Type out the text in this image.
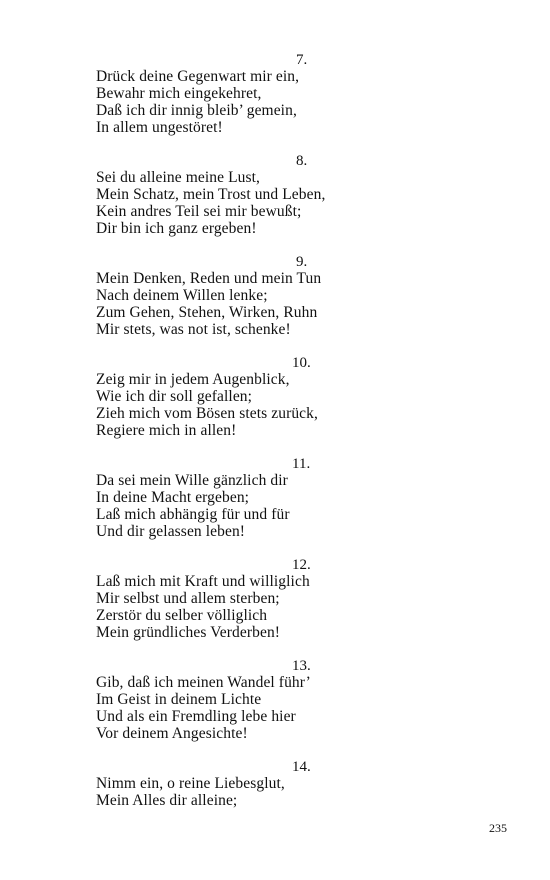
7.
Drück deine Gegenwart mir ein,
Bewahr mich eingekehret,
Daß ich dir innig bleib’ gemein,
In allem ungestöret!
8.
Sei du alleine meine Lust,
Mein Schatz, mein Trost und Leben,
Kein andres Teil sei mir bewußt;
Dir bin ich ganz ergeben!
9.
Mein Denken, Reden und mein Tun
Nach deinem Willen lenke;
Zum Gehen, Stehen, Wirken, Ruhn
Mir stets, was not ist, schenke!
10.
Zeig mir in jedem Augenblick,
Wie ich dir soll gefallen;
Zieh mich vom Bösen stets zurück,
Regiere mich in allen!
11.
Da sei mein Wille gänzlich dir
In deine Macht ergeben;
Laß mich abhängig für und für
Und dir gelassen leben!
12.
Laß mich mit Kraft und williglich
Mir selbst und allem sterben;
Zerstör du selber völliglich
Mein gründliches Verderben!
13.
Gib, daß ich meinen Wandel führ’
Im Geist in deinem Lichte
Und als ein Fremdling lebe hier
Vor deinem Angesichte!
14.
Nimm ein, o reine Liebesglut,
Mein Alles dir alleine;
235
